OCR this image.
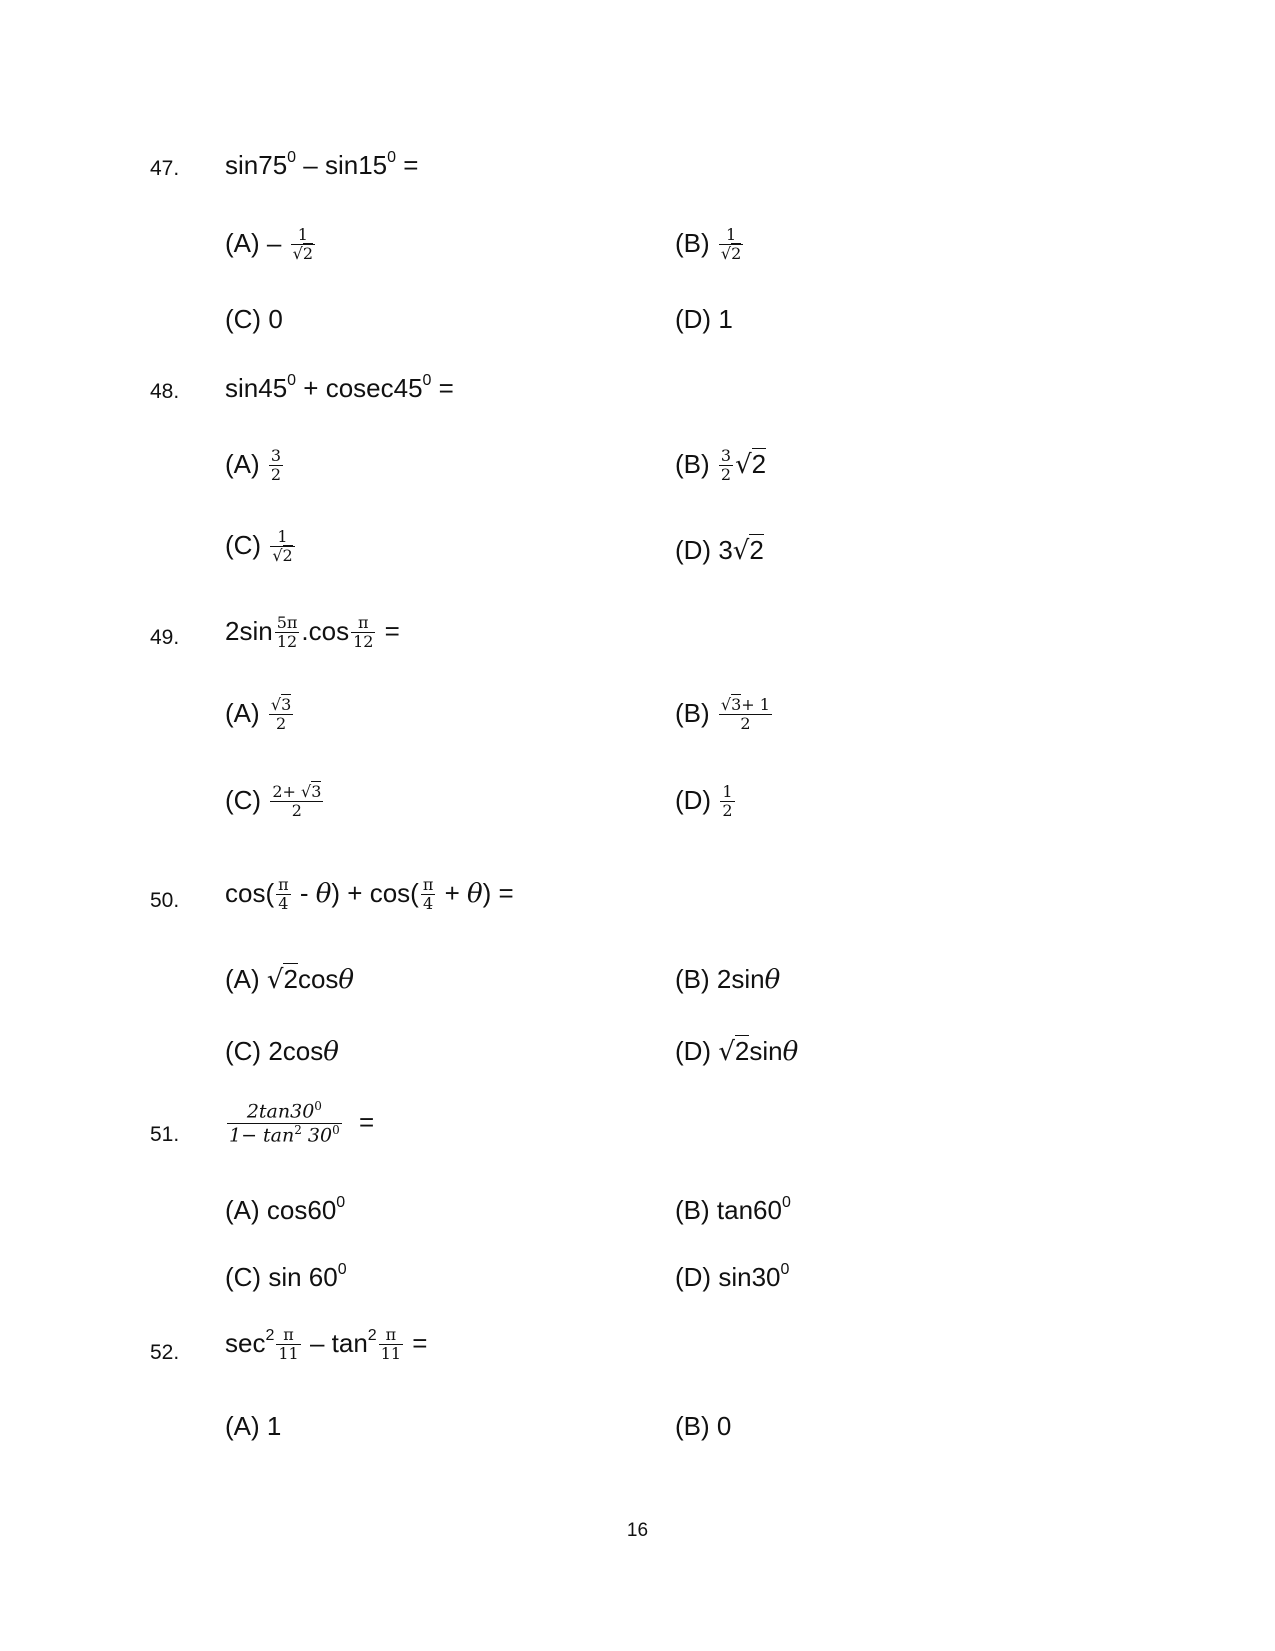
47. $\sin 75^0 - \sin 15^0$ =
$(A) - \frac{1}{√2}$	$(B) \frac{1}{√2}$
(C) 0	(D) 1
48. $\sin 45^0 + cosec45^0$ =
$(A) \frac{3}{2}$	$(B) \frac{3}{2} √2$
$(C) \frac{1}{√2}$	(D) 3√2
49. $2\sin \frac{5\pi}{12} .\cos \frac{\pi}{12}$ =
$(A) \frac{√3}{2}$	$(B) \frac{√3+ 1}{2}$
$(C) \frac{2+ √3}{2}$	$(D) \frac{1}{2}$
50. $\cos( \frac{\pi}{4} - \theta) + \cos( \frac{\pi}{4} + \theta)$ =
(A) √2cosθ	(B) 2sinθ
(C) 2cosθ	(D) √2sinθ
51.	$\frac{2\tan 30^0}{1- \tan^2 30^0}$ =
(A) $\cos 60^0$	(B) $\tan 60^0$
(C) $\sin 60^0$	(D) $\sin 30^0$
52. $\sec^2 \frac{\pi}{11} - \tan^2 \frac{\pi}{11}$ =
(A) 1	(B) 0
16
